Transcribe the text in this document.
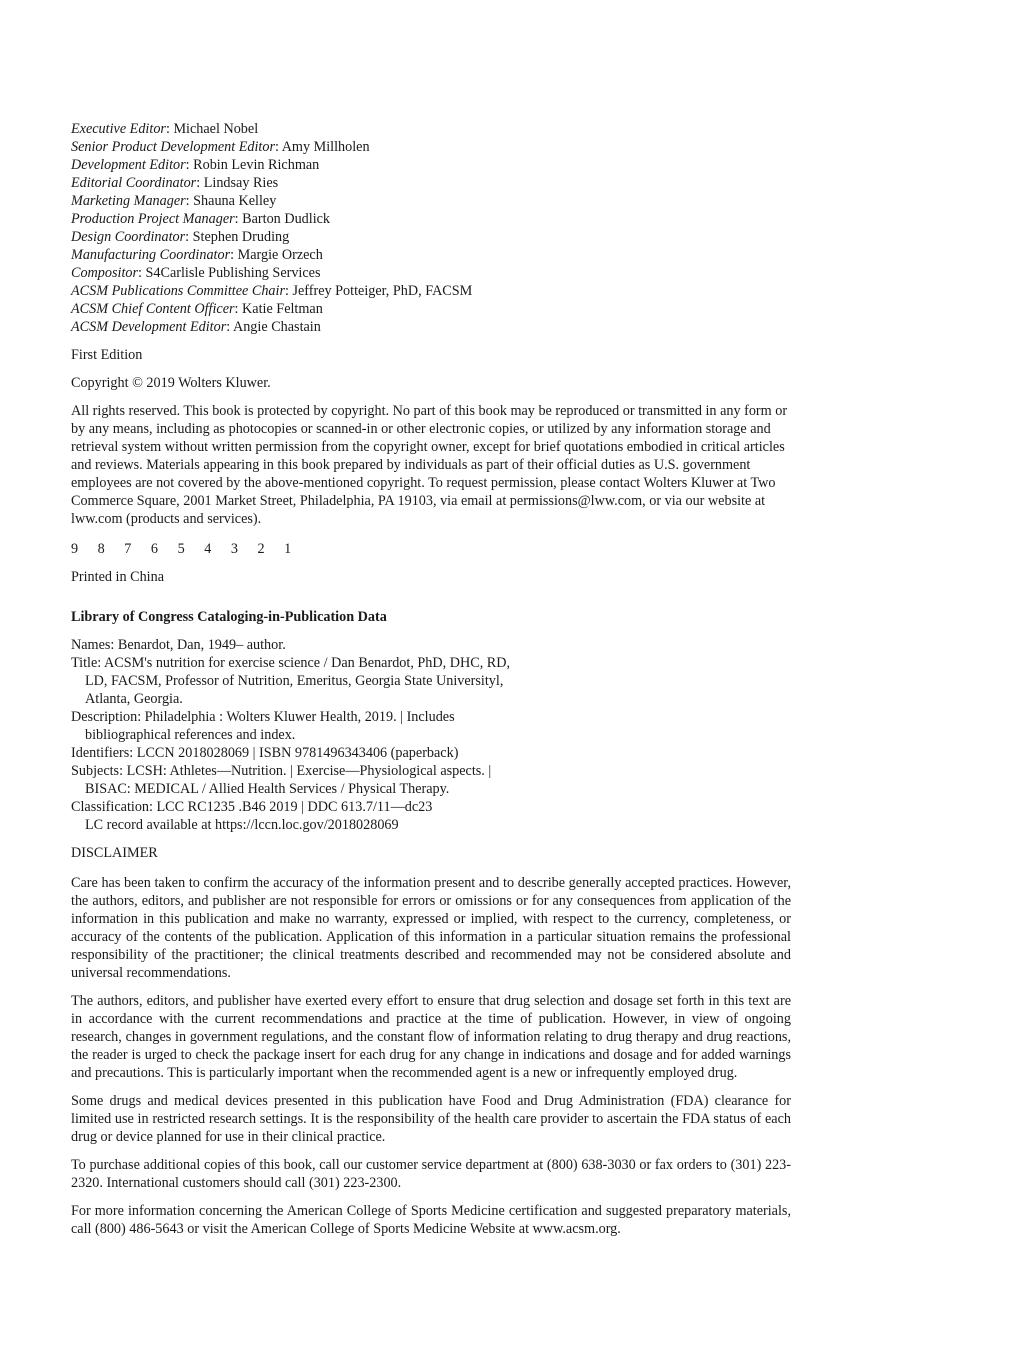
Executive Editor: Michael Nobel
Senior Product Development Editor: Amy Millholen
Development Editor: Robin Levin Richman
Editorial Coordinator: Lindsay Ries
Marketing Manager: Shauna Kelley
Production Project Manager: Barton Dudlick
Design Coordinator: Stephen Druding
Manufacturing Coordinator: Margie Orzech
Compositor: S4Carlisle Publishing Services
ACSM Publications Committee Chair: Jeffrey Potteiger, PhD, FACSM
ACSM Chief Content Officer: Katie Feltman
ACSM Development Editor: Angie Chastain

First Edition

Copyright © 2019 Wolters Kluwer.

All rights reserved. This book is protected by copyright. No part of this book may be reproduced or transmitted in any form or by any means, including as photocopies or scanned-in or other electronic copies, or utilized by any information storage and retrieval system without written permission from the copyright owner, except for brief quotations embodied in critical articles and reviews. Materials appearing in this book prepared by individuals as part of their official duties as U.S. government employees are not covered by the above-mentioned copyright. To request permission, please contact Wolters Kluwer at Two Commerce Square, 2001 Market Street, Philadelphia, PA 19103, via email at permissions@lww.com, or via our website at lww.com (products and services).

9 8 7 6 5 4 3 2 1

Printed in China

Library of Congress Cataloging-in-Publication Data

Names: Benardot, Dan, 1949– author.
Title: ACSM's nutrition for exercise science / Dan Benardot, PhD, DHC, RD,
LD, FACSM, Professor of Nutrition, Emeritus, Georgia State Universityl,
Atlanta, Georgia.
Description: Philadelphia : Wolters Kluwer Health, 2019. | Includes
bibliographical references and index.
Identifiers: LCCN 2018028069 | ISBN 9781496343406 (paperback)
Subjects: LCSH: Athletes—Nutrition. | Exercise—Physiological aspects. |
BISAC: MEDICAL / Allied Health Services / Physical Therapy.
Classification: LCC RC1235 .B46 2019 | DDC 613.7/11—dc23
LC record available at https://lccn.loc.gov/2018028069

DISCLAIMER

Care has been taken to confirm the accuracy of the information present and to describe generally accepted practices. However, the authors, editors, and publisher are not responsible for errors or omissions or for any consequences from application of the information in this publication and make no warranty, expressed or implied, with respect to the currency, completeness, or accuracy of the contents of the publication. Application of this information in a particular situation remains the professional responsibility of the practitioner; the clinical treatments described and recommended may not be considered absolute and universal recommendations.

The authors, editors, and publisher have exerted every effort to ensure that drug selection and dosage set forth in this text are in accordance with the current recommendations and practice at the time of publication. However, in view of ongoing research, changes in government regulations, and the constant flow of information relating to drug therapy and drug reactions, the reader is urged to check the package insert for each drug for any change in indications and dosage and for added warnings and precautions. This is particularly important when the recommended agent is a new or infrequently employed drug.

Some drugs and medical devices presented in this publication have Food and Drug Administration (FDA) clearance for limited use in restricted research settings. It is the responsibility of the health care provider to ascertain the FDA status of each drug or device planned for use in their clinical practice.

To purchase additional copies of this book, call our customer service department at (800) 638-3030 or fax orders to (301) 223-2320. International customers should call (301) 223-2300.

For more information concerning the American College of Sports Medicine certification and suggested preparatory materials, call (800) 486-5643 or visit the American College of Sports Medicine Website at www.acsm.org.
